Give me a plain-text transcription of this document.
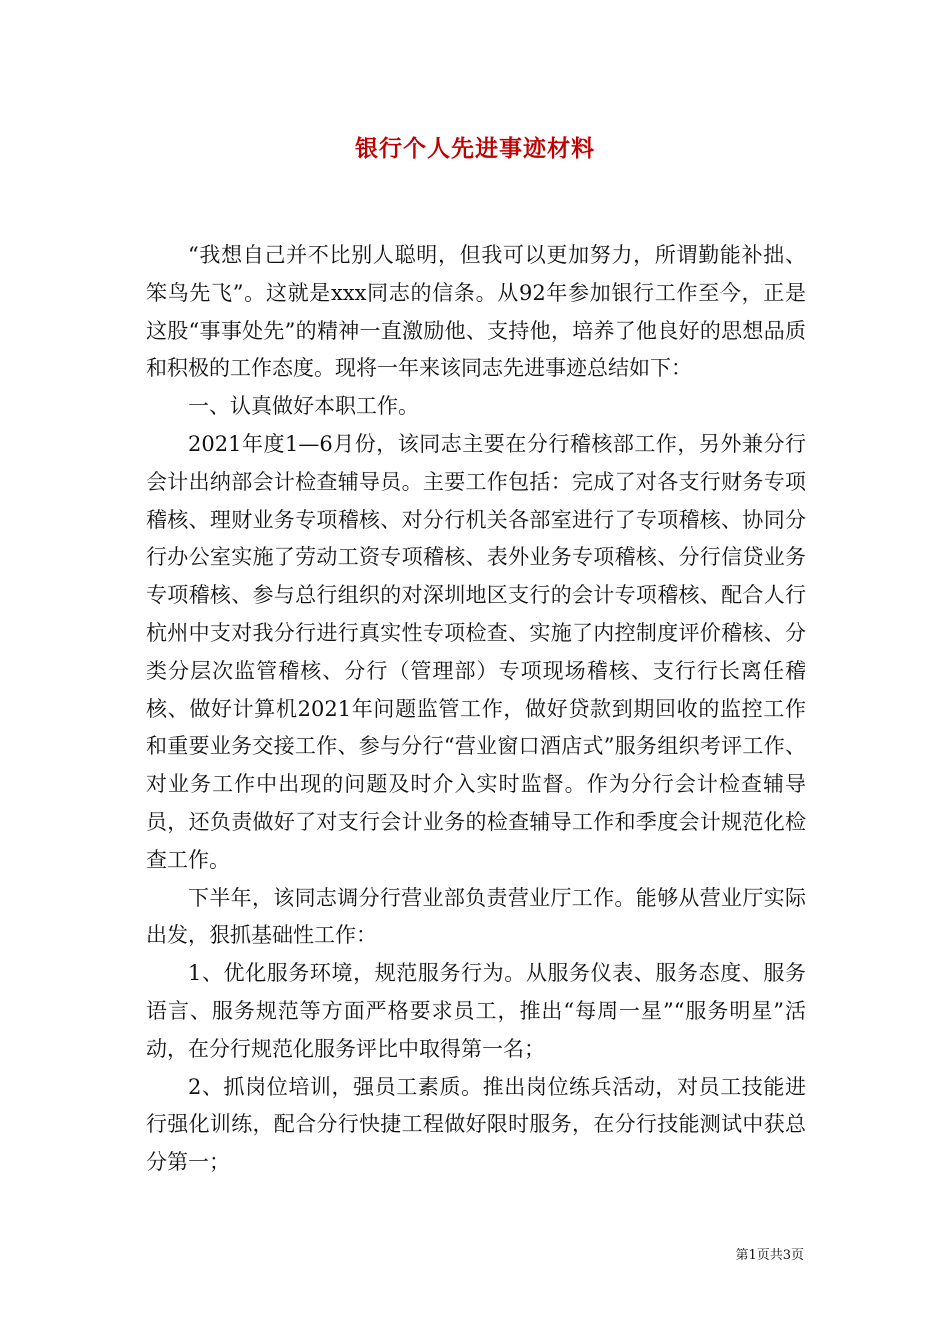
银行个人先进事迹材料

“我想自己并不比别人聪明，但我可以更加努力，所谓勤能补拙、笨鸟先飞”。这就是xxx同志的信条。从92年参加银行工作至今，正是这股“事事处先”的精神一直激励他、支持他，培养了他良好的思想品质和积极的工作态度。现将一年来该同志先进事迹总结如下：

一、认真做好本职工作。

2021年度1—6月份，该同志主要在分行稽核部工作，另外兼分行会计出纳部会计检查辅导员。主要工作包括：完成了对各支行财务专项稽核、理财业务专项稽核、对分行机关各部室进行了专项稽核、协同分行办公室实施了劳动工资专项稽核、表外业务专项稽核、分行信贷业务专项稽核、参与总行组织的对深圳地区支行的会计专项稽核、配合人行杭州中支对我分行进行真实性专项检查、实施了内控制度评价稽核、分类分层次监管稽核、分行（管理部）专项现场稽核、支行行长离任稽核、做好计算机2021年问题监管工作，做好贷款到期回收的监控工作和重要业务交接工作、参与分行“营业窗口酒店式”服务组织考评工作、对业务工作中出现的问题及时介入实时监督。作为分行会计检查辅导员，还负责做好了对支行会计业务的检查辅导工作和季度会计规范化检查工作。

下半年，该同志调分行营业部负责营业厅工作。能够从营业厅实际出发，狠抓基础性工作：

1、优化服务环境，规范服务行为。从服务仪表、服务态度、服务语言、服务规范等方面严格要求员工，推出“每周一星”“服务明星”活动，在分行规范化服务评比中取得第一名；

2、抓岗位培训，强员工素质。推出岗位练兵活动，对员工技能进行强化训练，配合分行快捷工程做好限时服务，在分行技能测试中获总分第一；

第1页共3页
